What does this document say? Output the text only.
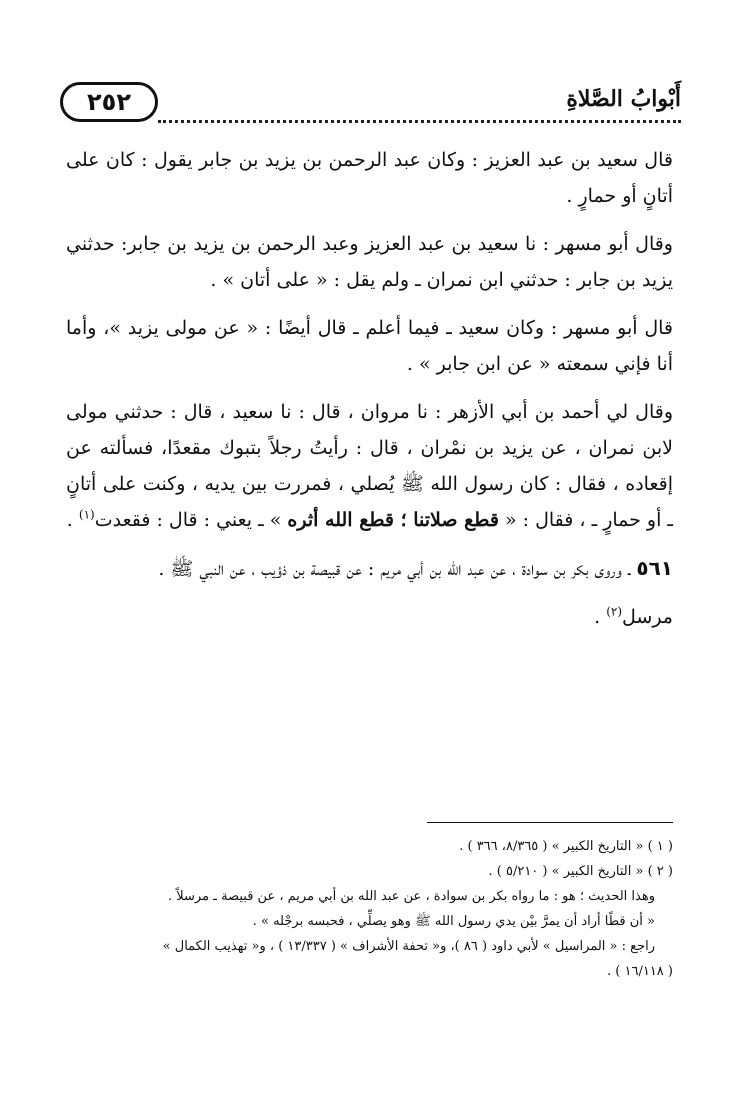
٢٥٢	أَبْوابُ الصَّلاةِ

قال سعيد بن عبد العزيز : وكان عبد الرحمن بن يزيد بن جابر يقول : كان على أتانٍ أو حمارٍ .

وقال أبو مسهر : نا سعيد بن عبد العزيز وعبد الرحمن بن يزيد بن جابر: حدثني يزيد بن جابر : حدثني ابن نمران ـ ولم يقل : « على أتان » .

قال أبو مسهر : وكان سعيد ـ فيما أعلم ـ قال أيضًا : « عن مولى يزيد »، وأما أنا فإني سمعته « عن ابن جابر » .

وقال لي أحمد بن أبي الأزهر : نا مروان ، قال : نا سعيد ، قال : حدثني مولى لابن نمران ، عن يزيد بن نمْران ، قال : رأيتُ رجلاً بتبوك مقعدًا، فسألته عن إقعاده ، فقال : كان رسول الله ﷺ يُصلي ، فمررت بين يديه ، وكنت على أتانٍ ـ أو حمارٍ ـ ، فقال : « قطع صلاتنا ؛ قطع الله أثره » ـ يعني : قال : فقعدت$^{(١)}$ .

٥٦١ ـ وروى بكر بن سوادة ، عن عبد الله بن أبي مريم : عن قبيصة بن ذؤيب ، عن النبي ﷺ .

مرسل$^{(٢)}$ .

( ١ ) « التاريخ الكبير » ( ٨/٣٦٥، ٣٦٦ ) .

( ٢ ) « التاريخ الكبير » ( ٥/٢١٠ ) .

وهذا الحديث ؛ هو : ما رواه بكر بن سوادة ، عن عبد الله بن أبي مريم ، عن قبيصة ـ مرسلاً .

« أن قطًا أراد أن يمرَّ بيْن يدي رسول الله ﷺ وهو يصلِّي ، فحبسه برجْله » .

راجع : « المراسيل » لأبي داود ( ٨٦ )، و« تحفة الأشراف » ( ١٣/٣٣٧ ) ، و« تهذيب الكمال »

( ١٦/١١٨ ) .
